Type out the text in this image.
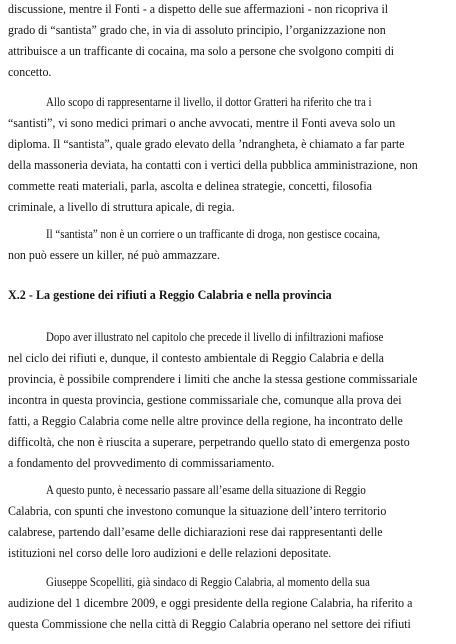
discussione, mentre il Fonti - a dispetto delle sue affermazioni - non ricopriva il
grado di “santista” grado che, in via di assoluto principio, l’organizzazione non
attribuisce a un trafficante di cocaina, ma solo a persone che svolgono compiti di
concetto.
Allo scopo di rappresentarne il livello, il dottor Gratteri ha riferito che tra i
“santisti”, vi sono medici primari o anche avvocati, mentre il Fonti aveva solo un
diploma. Il “santista”, quale grado elevato della ’ndrangheta, è chiamato a far parte
della massoneria deviata, ha contatti con i vertici della pubblica amministrazione, non
commette reati materiali, parla, ascolta e delinea strategie, concetti, filosofia
criminale, a livello di struttura apicale, di regia.
Il “santista” non è un corriere o un trafficante di droga, non gestisce cocaina,
non può essere un killer, né può ammazzare.
X.2 - La gestione dei rifiuti a Reggio Calabria e nella provincia
Dopo aver illustrato nel capitolo che precede il livello di infiltrazioni mafiose
nel ciclo dei rifiuti e, dunque, il contesto ambientale di Reggio Calabria e della
provincia, è possibile comprendere i limiti che anche la stessa gestione commissariale
incontra in questa provincia, gestione commissariale che, comunque alla prova dei
fatti, a Reggio Calabria come nelle altre province della regione, ha incontrato delle
difficoltà, che non è riuscita a superare, perpetrando quello stato di emergenza posto
a fondamento del provvedimento di commissariamento.
A questo punto, è necessario passare all’esame della situazione di Reggio
Calabria, con spunti che investono comunque la situazione dell’intero territorio
calabrese, partendo dall’esame delle dichiarazioni rese dai rappresentanti delle
istituzioni nel corso delle loro audizioni e delle relazioni depositate.
Giuseppe Scopelliti, già sindaco di Reggio Calabria, al momento della sua
audizione del 1 dicembre 2009, e oggi presidente della regione Calabria, ha riferito a
questa Commissione che nella città di Reggio Calabria operano nel settore dei rifiuti
